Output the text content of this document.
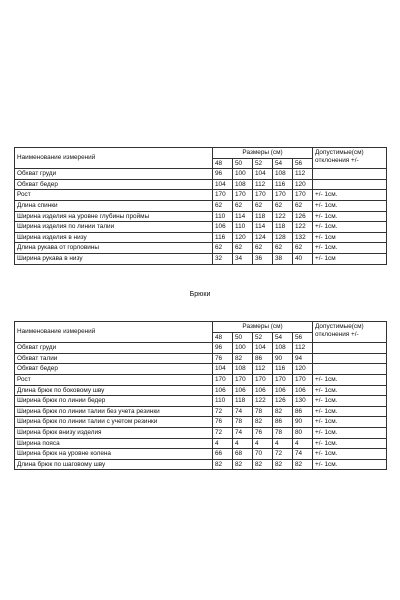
Наименование измерений	Размеры (см)					Допустимые(см) отклонения +/-
	48	50	52	54	56	
Обхват груди	96	100	104	108	112	
Обхват бедер	104	108	112	116	120	
Рост	170	170	170	170	170	+/- 1см.
Длина спинки	62	62	62	62	62	+/- 1см.
Ширина изделия на уровне глубины проймы	110	114	118	122	126	+/- 1см.
Ширина изделия по линии талии	106	110	114	118	122	+/- 1см.
Ширина изделия в низу	116	120	124	128	132	+/- 1см
Длина рукава от горловины	62	62	62	62	62	+/- 1см.
Ширина рукава в низу	32	34	36	38	40	+/- 1см
Брюки
Наименование измерений	Размеры (см)					Допустимые(см) отклонения +/-
	48	50	52	54	56	
Обхват груди	96	100	104	108	112	
Обхват талии	76	82	86	90	94	
Обхват бедер	104	108	112	116	120	
Рост	170	170	170	170	170	+/- 1см.
Длина брюк по боковому шву	106	106	106	106	106	+/- 1см.
Ширина брюк по линии бедер	110	118	122	126	130	+/- 1см.
Ширина брюк по линии талии без учета резинки	72	74	78	82	86	+/- 1см.
Ширина брюк по линии талии с учетом резинки	76	78	82	86	90	+/- 1см.
Ширина брюк внизу изделия	72	74	76	78	80	+/- 1см.
Ширина пояса	4	4	4	4	4	+/- 1см.
Ширина брюк на уровне колена	66	68	70	72	74	+/- 1см.
Длина брюк по шаговому шву	82	82	82	82	82	+/- 1см.
